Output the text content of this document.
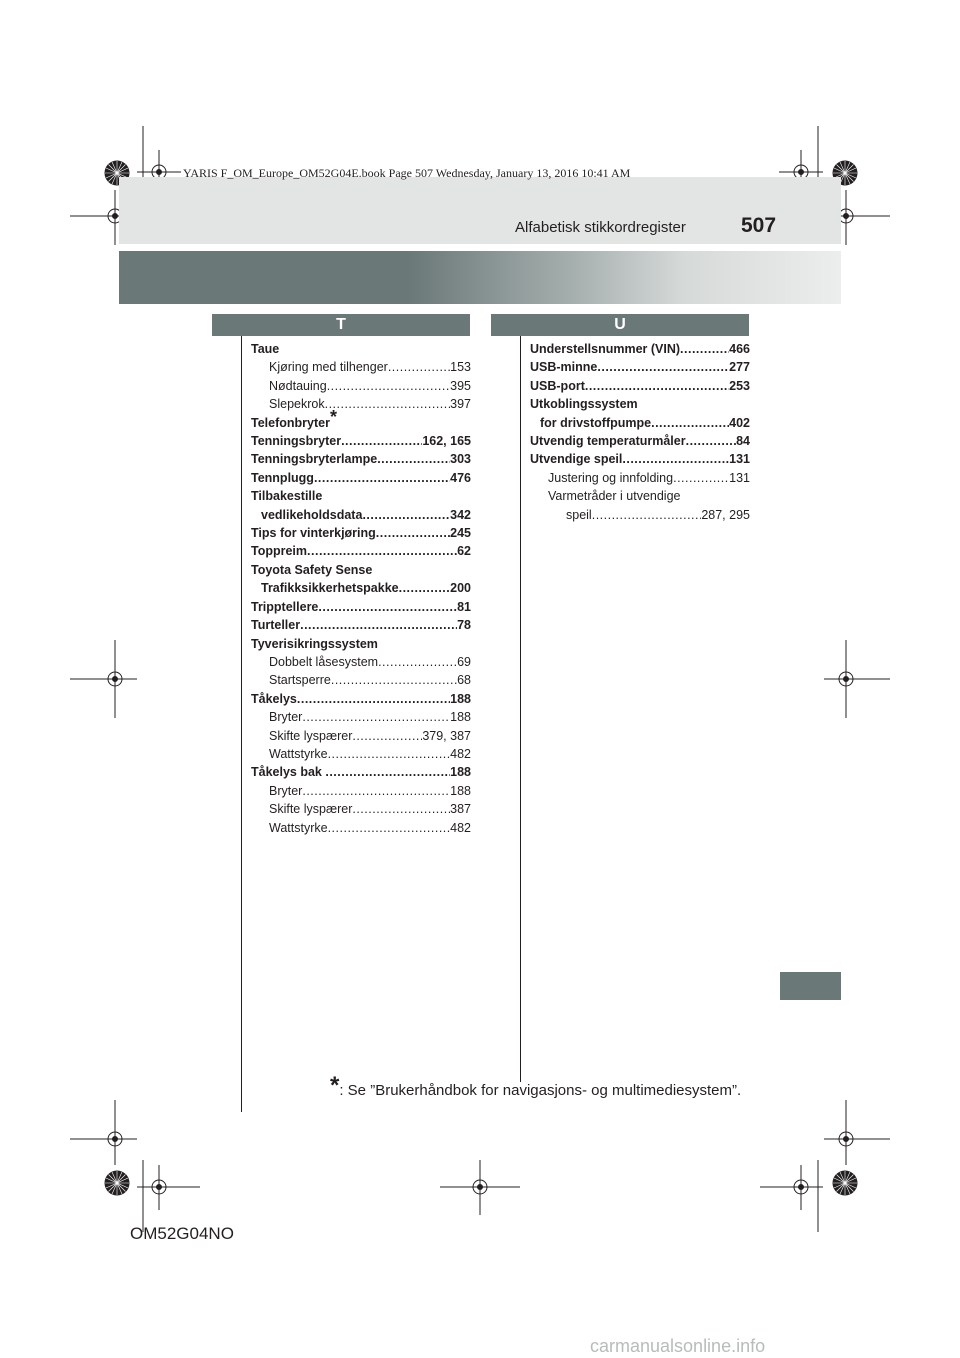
YARIS F_OM_Europe_OM52G04E.book Page 507 Wednesday, January 13, 2016 10:41 AM
Alfabetisk stikkordregister	507
T	U
Taue
Kjøring med tilhenger .....	153
Nødtauing .....	395
Slepekrok .....	397
Telefonbryter*
Tenningsbryter .....	162, 165
Tenningsbryterlampe .....	303
Tennplugg .....	476
Tilbakestille
vedlikeholdsdata .....	342
Tips for vinterkjøring .....	245
Toppreim .....	62
Toyota Safety Sense
Trafikksikkerhetspakke .....	200
Tripptellere .....	81
Turteller .....	78
Tyverisikringssystem
Dobbelt låsesystem .....	69
Startsperre .....	68
Tåkelys .....	188
Bryter .....	188
Skifte lyspærer .....	379, 387
Wattstyrke .....	482
Tåkelys bak .....	188
Bryter .....	188
Skifte lyspærer .....	387
Wattstyrke .....	482
Understellsnummer (VIN) .....	466
USB-minne .....	277
USB-port .....	253
Utkoblingssystem
for drivstoffpumpe .....	402
Utvendig temperaturmåler .....	84
Utvendige speil .....	131
Justering og innfolding .....	131
Varmetråder i utvendige
speil .....	287, 295
*: Se ”Brukerhåndbok for navigasjons- og multimediesystem”.
OM52G04NO
carmanualsonline.info
